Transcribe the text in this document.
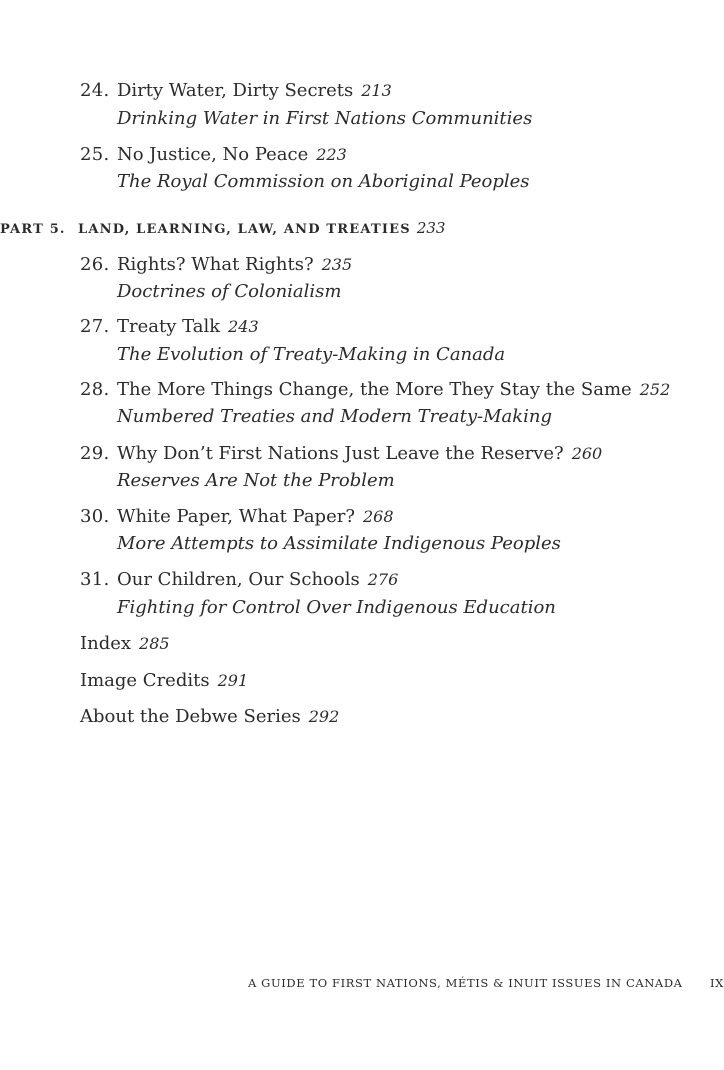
24. Dirty Water, Dirty Secrets 213
Drinking Water in First Nations Communities
25. No Justice, No Peace 223
The Royal Commission on Aboriginal Peoples
PART 5. LAND, LEARNING, LAW, AND TREATIES 233
26. Rights? What Rights? 235
Doctrines of Colonialism
27. Treaty Talk 243
The Evolution of Treaty-Making in Canada
28. The More Things Change, the More They Stay the Same 252
Numbered Treaties and Modern Treaty-Making
29. Why Don’t First Nations Just Leave the Reserve? 260
Reserves Are Not the Problem
30. White Paper, What Paper? 268
More Attempts to Assimilate Indigenous Peoples
31. Our Children, Our Schools 276
Fighting for Control Over Indigenous Education
Index 285
Image Credits 291
About the Debwe Series 292
A GUIDE TO FIRST NATIONS, MÉTIS & INUIT ISSUES IN CANADA IX
